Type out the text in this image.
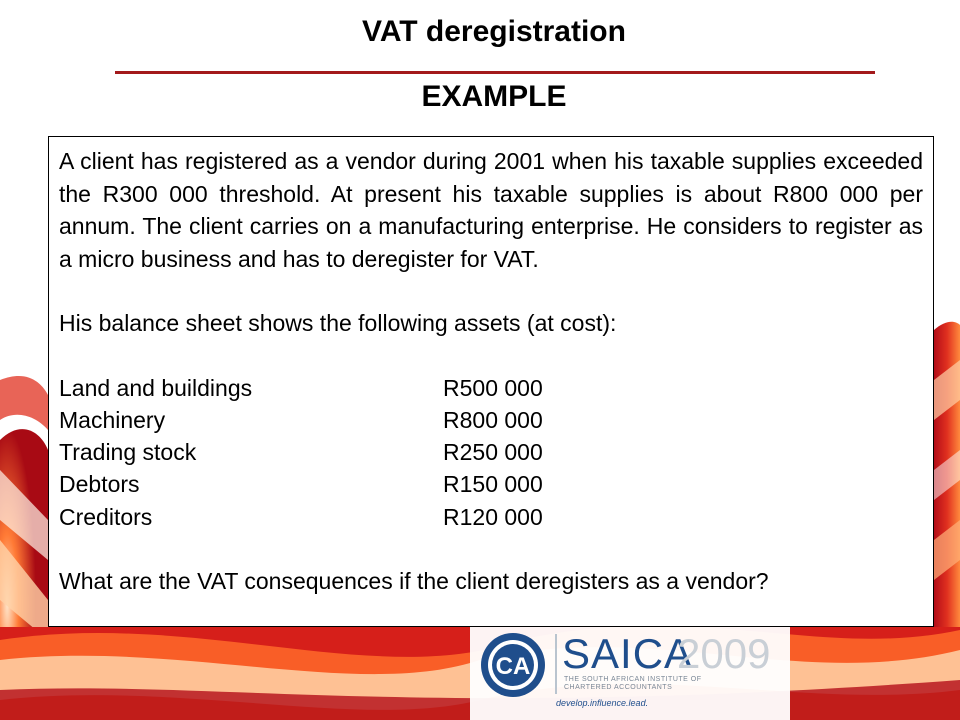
VAT deregistration
EXAMPLE

A client has registered as a vendor during 2001 when his taxable supplies exceeded the R300 000 threshold. At present his taxable supplies is about R800 000 per annum. The client carries on a manufacturing enterprise. He considers to register as a micro business and has to deregister for VAT.

His balance sheet shows the following assets (at cost):

Land and buildings	R500 000
Machinery	R800 000
Trading stock	R250 000
Debtors	R150 000
Creditors	R120 000

What are the VAT consequences if the client deregisters as a vendor?

CA SAICA
2009
THE SOUTH AFRICAN INSTITUTE OF CHARTERED ACCOUNTANTS
develop.influence.lead.
